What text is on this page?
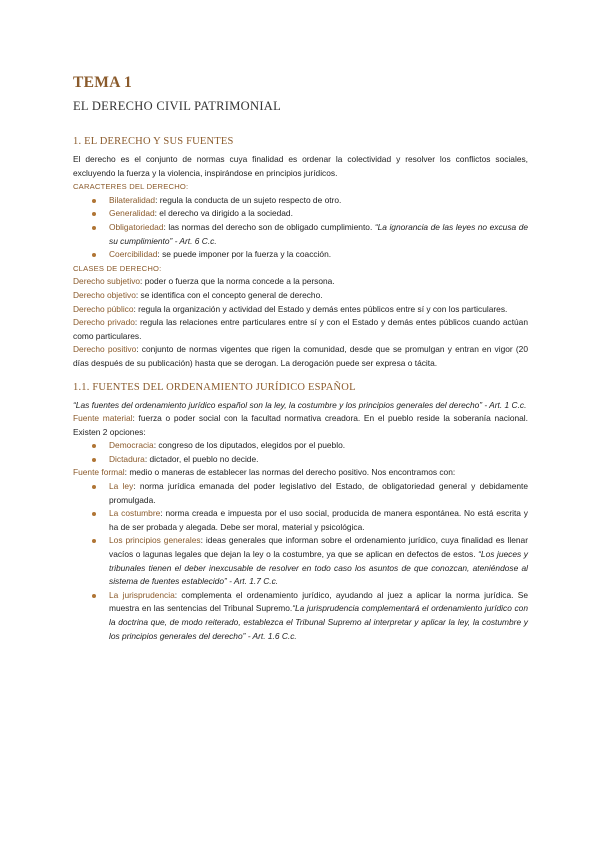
TEMA 1
EL DERECHO CIVIL PATRIMONIAL
1. EL DERECHO Y SUS FUENTES

El derecho es el conjunto de normas cuya finalidad es ordenar la colectividad y resolver los conflictos sociales, excluyendo la fuerza y la violencia, inspirándose en principios jurídicos.

CARACTERES DEL DERECHO:
Bilateralidad: regula la conducta de un sujeto respecto de otro.
Generalidad: el derecho va dirigido a la sociedad.
Obligatoriedad: las normas del derecho son de obligado cumplimiento. “La ignorancia de las leyes no excusa de su cumplimiento” - Art. 6 C.c.
Coercibilidad: se puede imponer por la fuerza y la coacción.
CLASES DE DERECHO:

Derecho subjetivo: poder o fuerza que la norma concede a la persona.

Derecho objetivo: se identifica con el concepto general de derecho.

Derecho público: regula la organización y actividad del Estado y demás entes públicos entre sí y con los particulares.

Derecho privado: regula las relaciones entre particulares entre sí y con el Estado y demás entes públicos cuando actúan como particulares.

Derecho positivo: conjunto de normas vigentes que rigen la comunidad, desde que se promulgan y entran en vigor (20 días después de su publicación) hasta que se derogan. La derogación puede ser expresa o tácita.

1.1. FUENTES DEL ORDENAMIENTO JURÍDICO ESPAÑOL

“Las fuentes del ordenamiento jurídico español son la ley, la costumbre y los principios generales del derecho” - Art. 1 C.c.

Fuente material: fuerza o poder social con la facultad normativa creadora. En el pueblo reside la soberanía nacional. Existen 2 opciones:

Democracia: congreso de los diputados, elegidos por el pueblo.
Dictadura: dictador, el pueblo no decide.

Fuente formal: medio o maneras de establecer las normas del derecho positivo. Nos encontramos con:

La ley: norma jurídica emanada del poder legislativo del Estado, de obligatoriedad general y debidamente promulgada.
La costumbre: norma creada e impuesta por el uso social, producida de manera espontánea. No está escrita y ha de ser probada y alegada. Debe ser moral, material y psicológica.
Los principios generales: ideas generales que informan sobre el ordenamiento jurídico, cuya finalidad es llenar vacíos o lagunas legales que dejan la ley o la costumbre, ya que se aplican en defectos de estos. “Los jueces y tribunales tienen el deber inexcusable de resolver en todo caso los asuntos de que conozcan, ateniéndose al sistema de fuentes establecido” - Art. 1.7 C.c.
La jurisprudencia: complementa el ordenamiento jurídico, ayudando al juez a aplicar la norma jurídica. Se muestra en las sentencias del Tribunal Supremo.“La jurisprudencia complementará el ordenamiento jurídico con la doctrina que, de modo reiterado, establezca el Tribunal Supremo al interpretar y aplicar la ley, la costumbre y los principios generales del derecho” - Art. 1.6 C.c.
